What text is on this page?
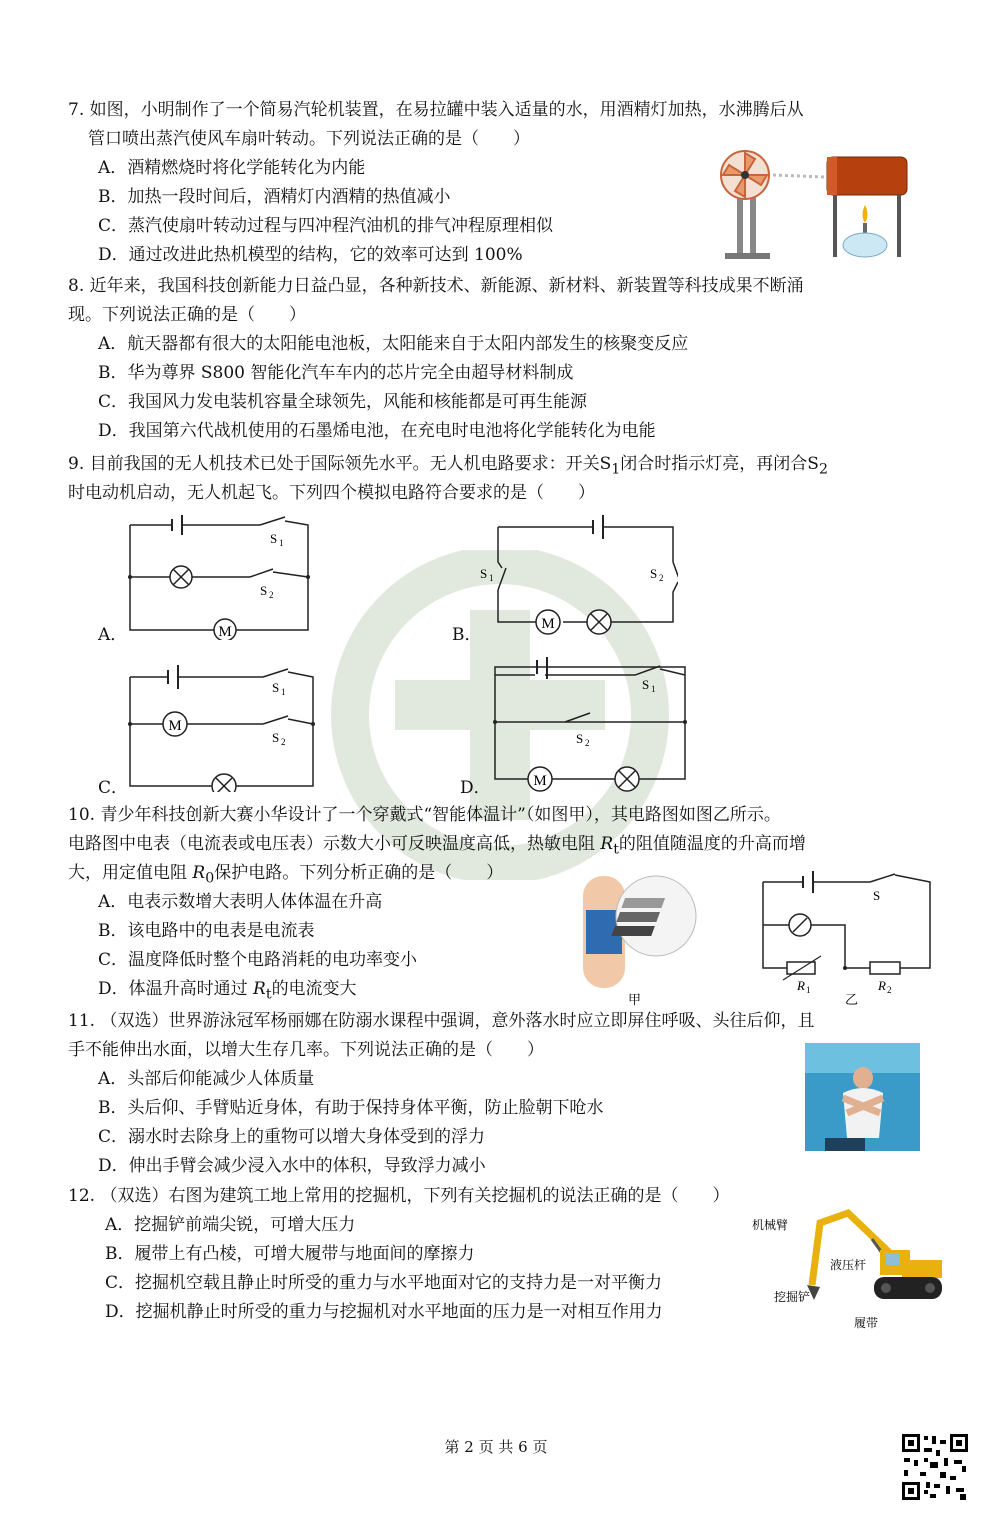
7. 如图，小明制作了一个简易汽轮机装置，在易拉罐中装入适量的水，用酒精灯加热，水沸腾后从
管口喷出蒸汽使风车扇叶转动。下列说法正确的是（　　）
A．酒精燃烧时将化学能转化为内能
B．加热一段时间后，酒精灯内酒精的热值减小
C．蒸汽使扇叶转动过程与四冲程汽油机的排气冲程原理相似
D．通过改进此热机模型的结构，它的效率可达到 100%
8. 近年来，我国科技创新能力日益凸显，各种新技术、新能源、新材料、新装置等科技成果不断涌
现。下列说法正确的是（　　）
A．航天器都有很大的太阳能电池板，太阳能来自于太阳内部发生的核聚变反应
B．华为尊界 S800 智能化汽车车内的芯片完全由超导材料制成
C．我国风力发电装机容量全球领先，风能和核能都是可再生能源
D．我国第六代战机使用的石墨烯电池，在充电时电池将化学能转化为电能
9. 目前我国的无人机技术已处于国际领先水平。无人机电路要求：开关$S_1$闭合时指示灯亮，再闭合$S_2$
时电动机启动，无人机起飞。下列四个模拟电路符合要求的是（　　）
A．	M
S 1
S 2
B．
M
S 1	S 2
C．
M
S 1
S 2
D．	M
S 1
S 2
10. 青少年科技创新大赛小华设计了一个穿戴式“智能体温计”（如图甲），其电路图如图乙所示。
电路图中电表（电流表或电压表）示数大小可反映温度高低，热敏电阻 $R_t$的阻值随温度的升高而增
大，用定值电阻 $R_0$保护电路。下列分析正确的是（　　）
A．电表示数增大表明人体体温在升高
B．该电路中的电表是电流表
C．温度降低时整个电路消耗的电功率变小
D．体温升高时通过 $R_t$的电流变大
甲
S
R 1	R 2
乙
11. （双选）世界游泳冠军杨丽娜在防溺水课程中强调，意外落水时应立即屏住呼吸、头往后仰，且
手不能伸出水面，以增大生存几率。下列说法正确的是（　　）
A．头部后仰能减少人体质量
B．头后仰、手臂贴近身体，有助于保持身体平衡，防止脸朝下呛水
C．溺水时去除身上的重物可以增大身体受到的浮力
D．伸出手臂会减少浸入水中的体积，导致浮力减小
12. （双选）右图为建筑工地上常用的挖掘机，下列有关挖掘机的说法正确的是（　　）
A．挖掘铲前端尖锐，可增大压力
B．履带上有凸棱，可增大履带与地面间的摩擦力
C．挖掘机空载且静止时所受的重力与水平地面对它的支持力是一对平衡力
D．挖掘机静止时所受的重力与挖掘机对水平地面的压力是一对相互作用力
机械臂
液压杆
挖掘铲
履带
第 2 页 共 6 页
